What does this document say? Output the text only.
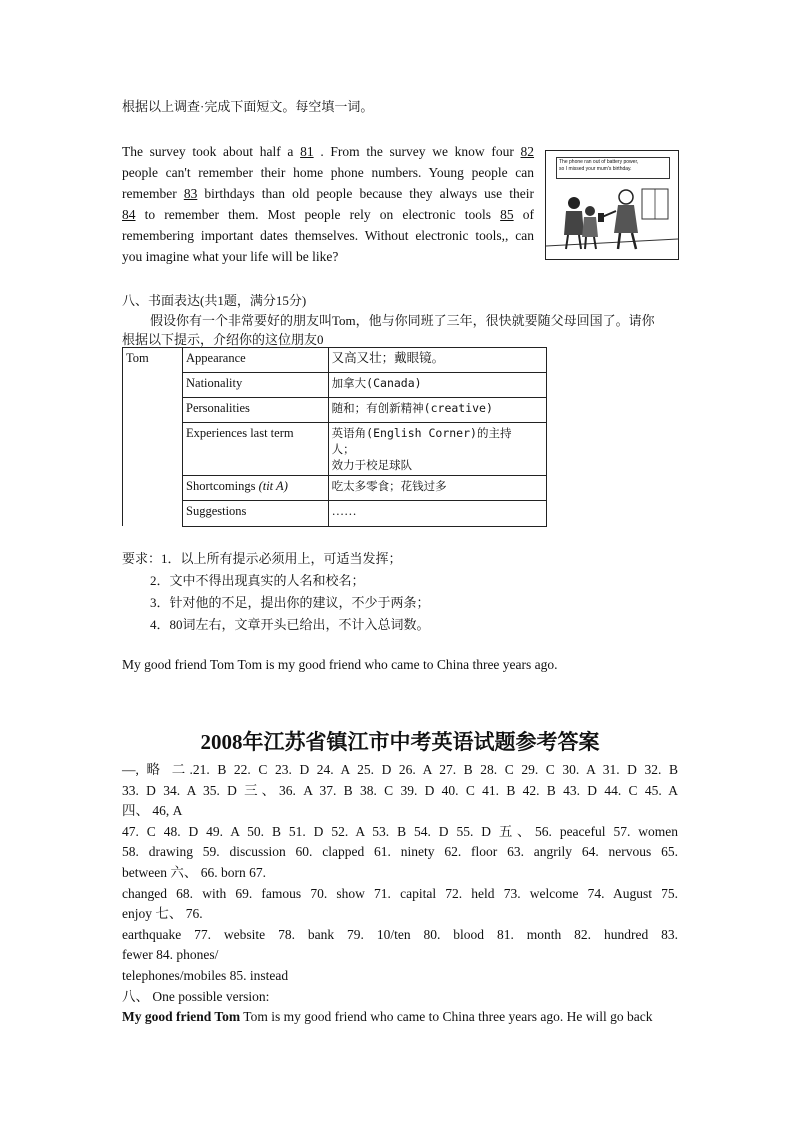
根据以上调查·完成下面短文。每空填一词。
The survey took about half a 81 . From the survey we know four 82
people can't remember their home phone numbers. Young people can
remember 83 birthdays than old people because they always use their
84 to remember them. Most people rely on electronic tools 85 of
remembering important dates themselves. Without electronic tools,, can
you imagine what your life will be like?
The phone ran out of battery power,
so I missed your mum's birthday.
八、书面表达(共1题，满分15分)
假设你有一个非常要好的朋友叫Tom，他与你同班了三年，很快就要随父母回国了。请你
根据以下提示，介绍你的这位朋友0
Tom	Appearance	又高又壮；戴眼镜。
Nationality	加拿大(Canada)
Personalities	随和；有创新精神(creative)
Experiences last term	英语角(English Corner)的主持
人；
效力于校足球队

Shortcomings (tit A)	吃太多零食；花钱过多
Suggestions	……
要求：1．以上所有提示必须用上，可适当发挥；
2．文中不得出现真实的人名和校名；
3．针对他的不足，提出你的建议，不少于两条；
4．80词左右，文章开头已给出，不计入总词数。
My good friend Tom Tom is my good friend who came to China three years ago.
2008年江苏省镇江市中考英语试题参考答案
—, 略 二.21. B 22. C 23. D 24. A 25. D 26. A 27. B 28. C 29. C 30. A 31. D 32. B
33. D 34. A 35. D 三、36. A 37. B 38. C 39. D 40. C 41. B 42. B 43. D 44. C 45. A
四、 46, A
47. C 48. D 49. A 50. B 51. D 52. A 53. B 54. D 55. D 五、56. peaceful 57. women
58. drawing 59. discussion 60. clapped 61. ninety 62. floor 63. angrily 64. nervous 65.
between 六、 66. born 67.
changed 68. with 69. famous 70. show 71. capital 72. held 73. welcome 74. August 75.
enjoy 七、 76.
earthquake 77. website 78. bank 79. 10/ten 80. blood 81. month 82. hundred 83.
fewer 84. phones/
telephones/mobiles 85. instead
八、 One possible version:
My good friend Tom Tom is my good friend who came to China three years ago. He will go back
